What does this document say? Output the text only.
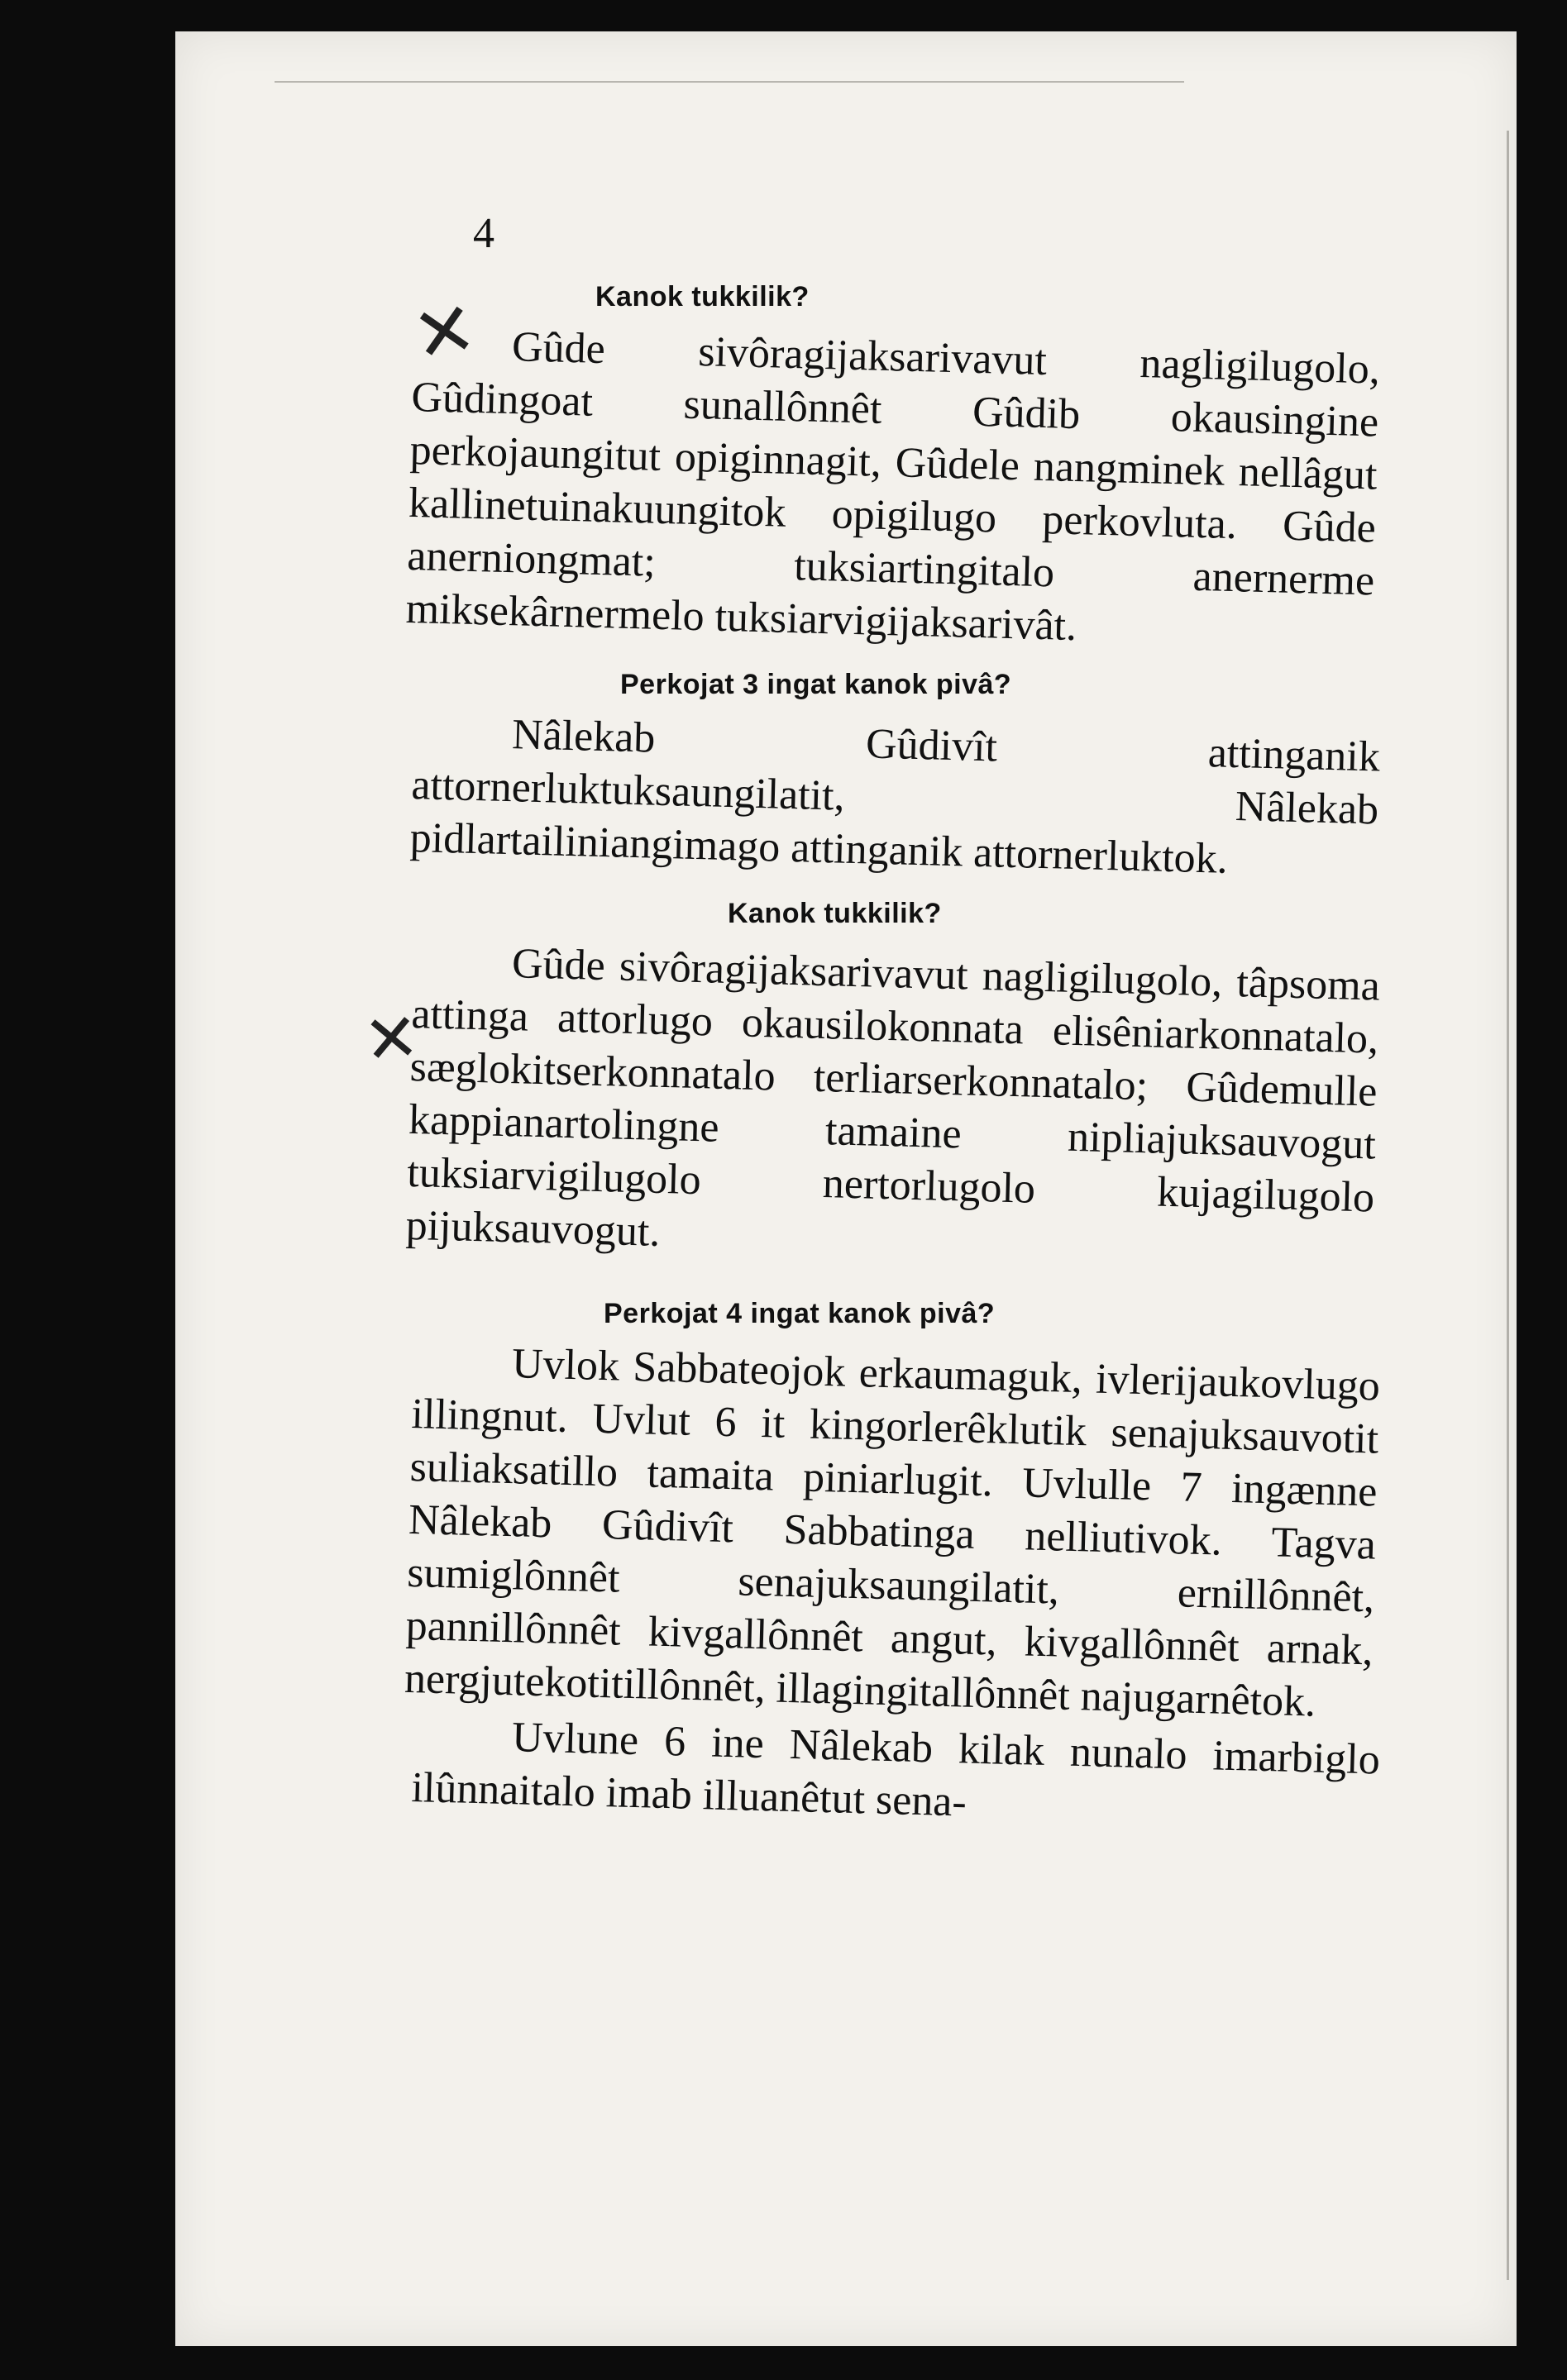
4
✕
✕
Kanok tukkilik?

Gûde sivôragijaksarivavut nagligilugolo, Gûdingoat sunallônnêt Gûdib okausingine perkojaungitut opiginnagit, Gûdele nangminek nellâgut kallinetuinakuungitok opigilugo perkovluta. Gûde anerniongmat; tuksiartingitalo anernerme miksekârnermelo tuksiarvigijaksarivât.

Perkojat 3 ingat kanok pivâ?

Nâlekab Gûdivît attinganik attornerluktuksaungilatit, Nâlekab pidlartailiniangimago attinganik attornerluktok.

Kanok tukkilik?

Gûde sivôragijaksarivavut nagligilugolo, tâpsoma attinga attorlugo okausilokonnata elisêniarkonnatalo, sæglokitserkonnatalo terliarserkonnatalo; Gûdemulle kappianartolingne tamaine nipliajuksauvogut tuksiarvigilugolo nertorlugolo kujagilugolo pijuksauvogut.

Perkojat 4 ingat kanok pivâ?

Uvlok Sabbateojok erkaumaguk, ivlerijaukovlugo illingnut. Uvlut 6 it kingorlerêklutik senajuksauvotit suliaksatillo tamaita piniarlugit. Uvlulle 7 ingænne Nâlekab Gûdivît Sabbatinga nelliutivok. Tagva sumiglônnêt senajuksaungilatit, ernillônnêt, pannillônnêt kivgallônnêt angut, kivgallônnêt arnak, nergjutekotitillônnêt, illagingitallônnêt najugarnêtok.

Uvlune 6 ine Nâlekab kilak nunalo imarbiglo ilûnnaitalo imab illuanêtut sena-
